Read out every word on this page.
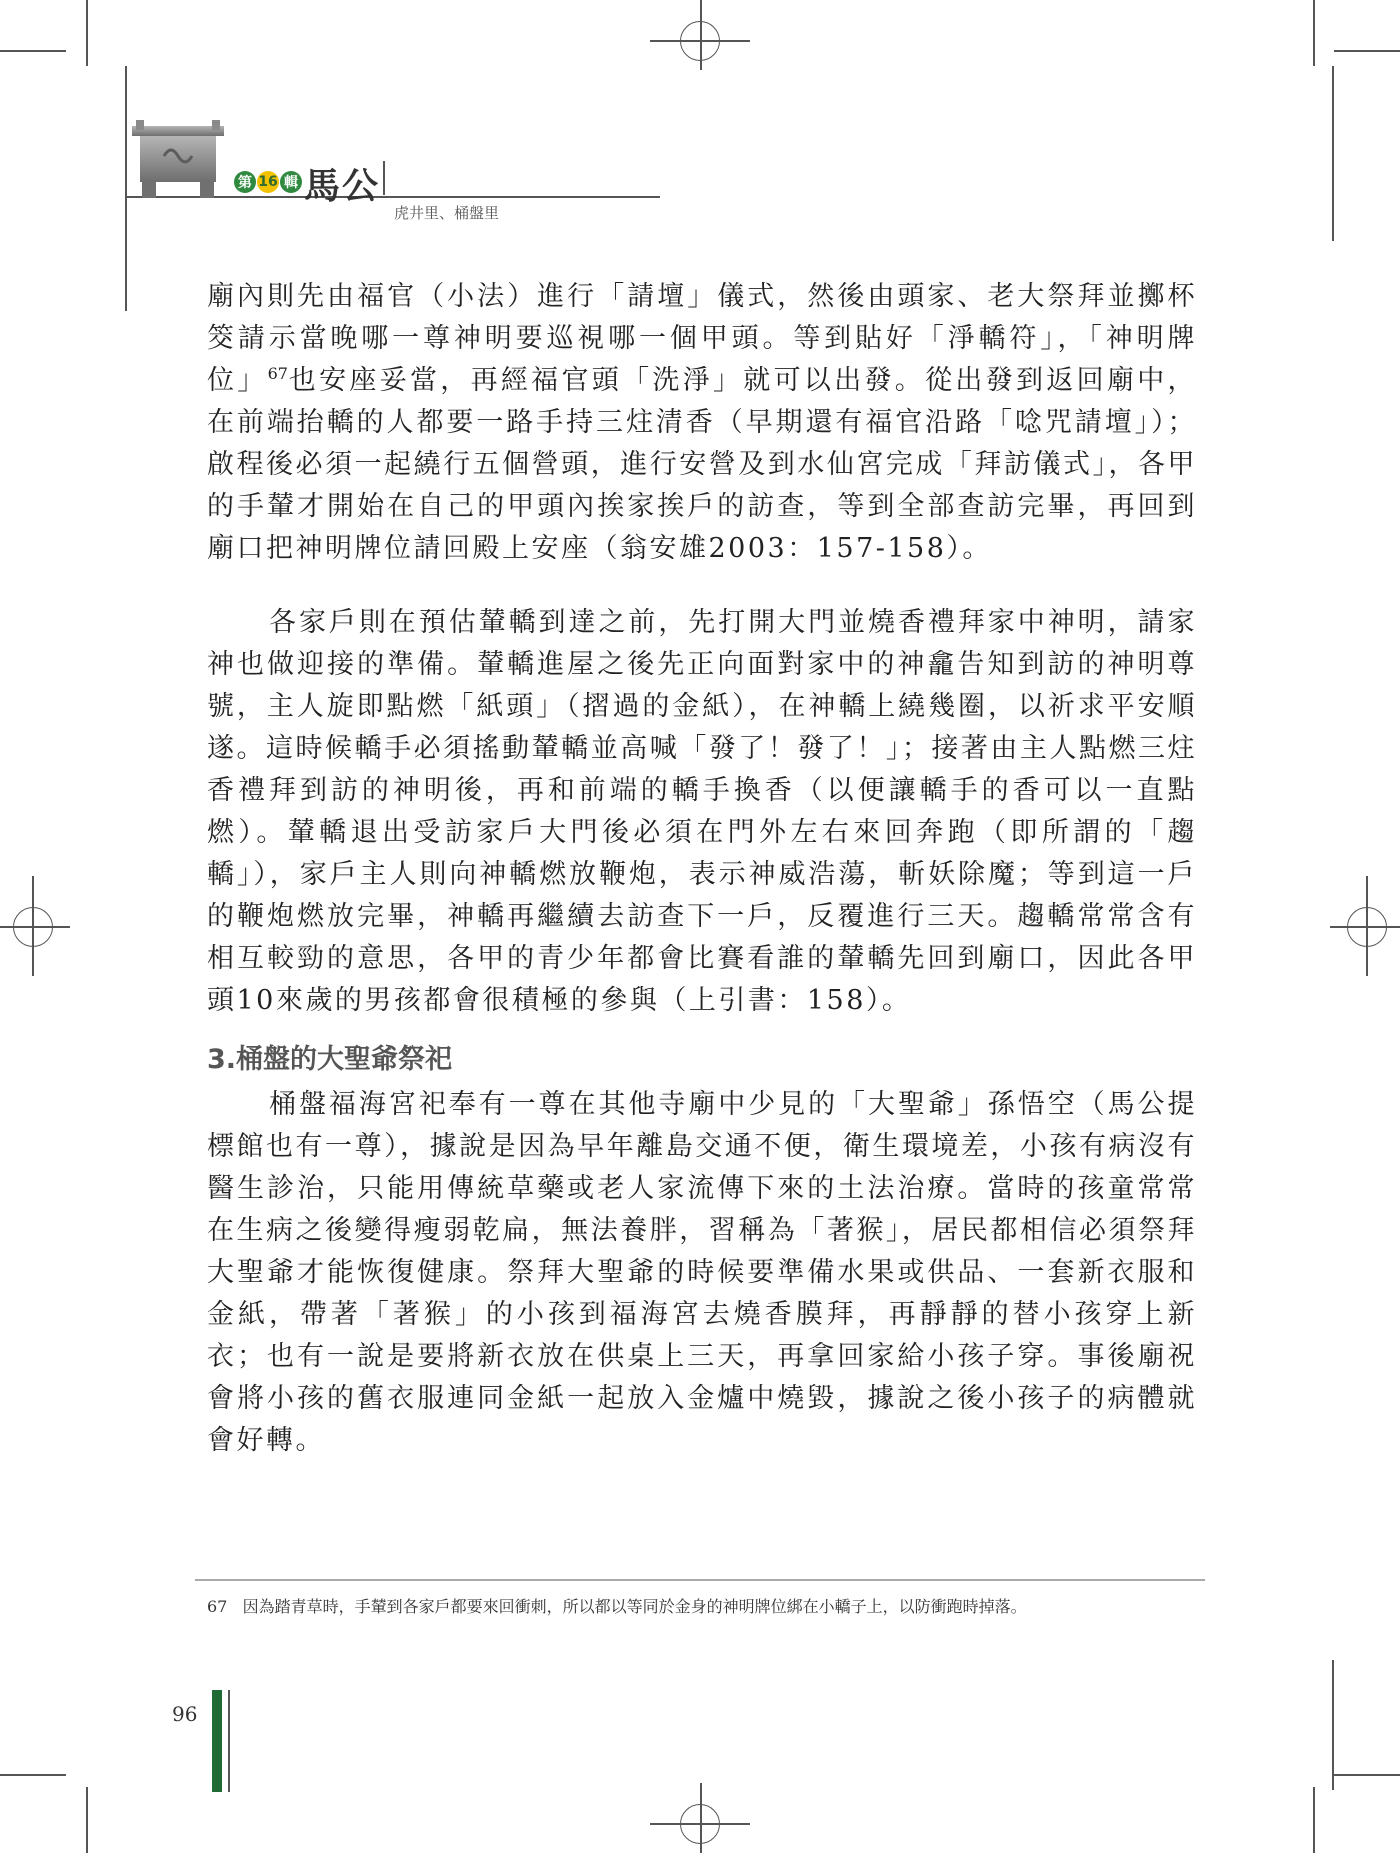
第 16 輯 馬公
虎井里、桶盤里

廟內則先由福官（小法）進行「請壇」儀式，然後由頭家、老大祭拜並擲杯筊請示當晚哪一尊神明要巡視哪一個甲頭。等到貼好「淨轎符」，「神明牌位」$^{67}$也安座妥當，再經福官頭「洗淨」就可以出發。從出發到返回廟中，在前端抬轎的人都要一路手持三炷清香（早期還有福官沿路「唸咒請壇」）；啟程後必須一起繞行五個營頭，進行安營及到水仙宮完成「拜訪儀式」，各甲的手輦才開始在自己的甲頭內挨家挨戶的訪查，等到全部查訪完畢，再回到廟口把神明牌位請回殿上安座（翁安雄2003：157-158）。

各家戶則在預估輦轎到達之前，先打開大門並燒香禮拜家中神明，請家神也做迎接的準備。輦轎進屋之後先正向面對家中的神龕告知到訪的神明尊號，主人旋即點燃「紙頭」（摺過的金紙），在神轎上繞幾圈，以祈求平安順遂。這時候轎手必須搖動輦轎並高喊「發了！發了！」；接著由主人點燃三炷香禮拜到訪的神明後，再和前端的轎手換香（以便讓轎手的香可以一直點燃）。輦轎退出受訪家戶大門後必須在門外左右來回奔跑（即所謂的「趨轎」），家戶主人則向神轎燃放鞭炮，表示神威浩蕩，斬妖除魔；等到這一戶的鞭炮燃放完畢，神轎再繼續去訪查下一戶，反覆進行三天。趨轎常常含有相互較勁的意思，各甲的青少年都會比賽看誰的輦轎先回到廟口，因此各甲頭10來歲的男孩都會很積極的參與（上引書：158）。

3.桶盤的大聖爺祭祀

桶盤福海宮祀奉有一尊在其他寺廟中少見的「大聖爺」孫悟空（馬公提標館也有一尊），據說是因為早年離島交通不便，衛生環境差，小孩有病沒有醫生診治，只能用傳統草藥或老人家流傳下來的土法治療。當時的孩童常常在生病之後變得瘦弱乾扁，無法養胖，習稱為「著猴」，居民都相信必須祭拜大聖爺才能恢復健康。祭拜大聖爺的時候要準備水果或供品、一套新衣服和金紙，帶著「著猴」的小孩到福海宮去燒香膜拜，再靜靜的替小孩穿上新衣；也有一說是要將新衣放在供桌上三天，再拿回家給小孩子穿。事後廟祝會將小孩的舊衣服連同金紙一起放入金爐中燒毀，據說之後小孩子的病體就會好轉。

67 因為踏青草時，手輦到各家戶都要來回衝刺，所以都以等同於金身的神明牌位綁在小轎子上，以防衝跑時掉落。
96
